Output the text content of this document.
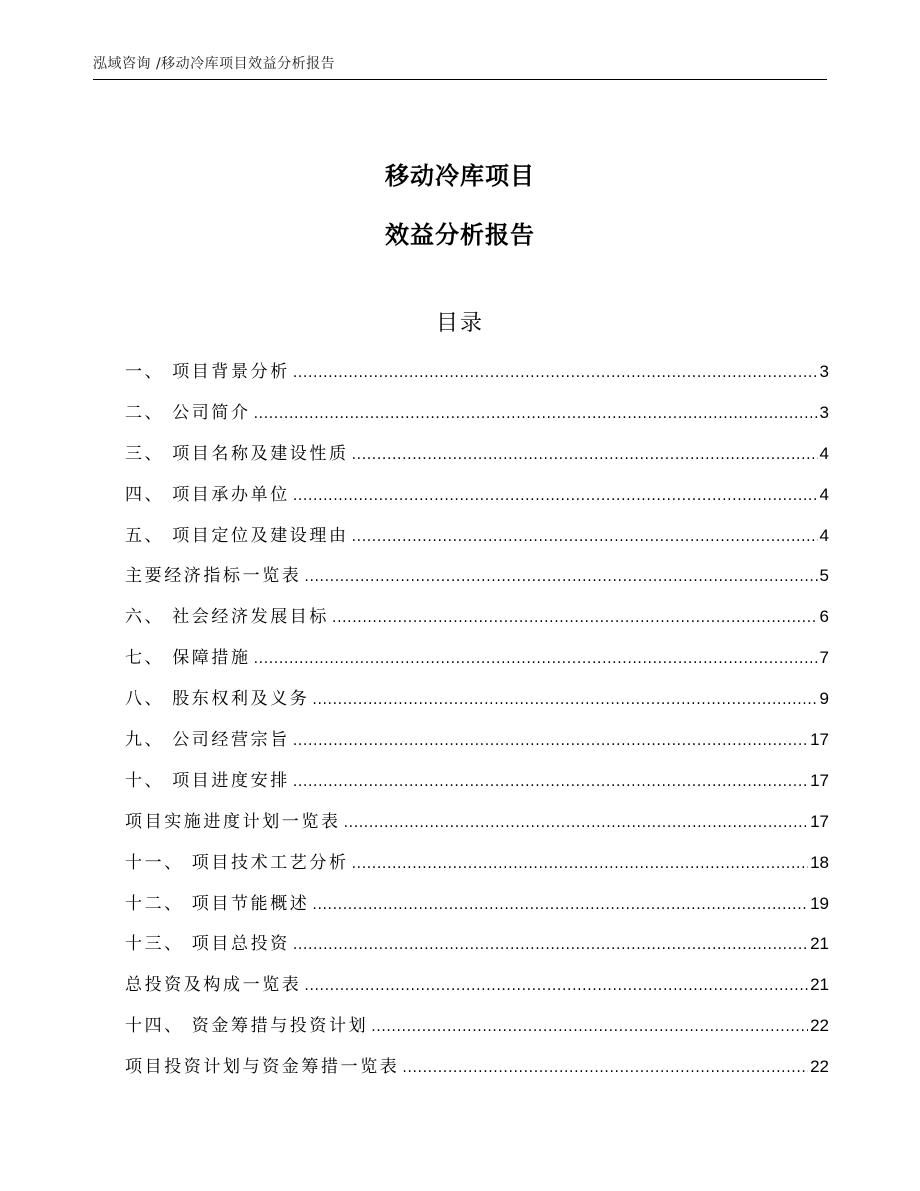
泓域咨询 /移动冷库项目效益分析报告
移动冷库项目
效益分析报告
目录
一、 项目背景分析 .....	3
二、 公司简介 .....	3
三、 项目名称及建设性质 .....	4
四、 项目承办单位 .....	4
五、 项目定位及建设理由 .....	4
主要经济指标一览表 .....	5
六、 社会经济发展目标 .....	6
七、 保障措施 .....	7
八、 股东权利及义务 .....	9
九、 公司经营宗旨 .....	17
十、 项目进度安排 .....	17
项目实施进度计划一览表 .....	17
十一、 项目技术工艺分析 .....	18
十二、 项目节能概述 .....	19
十三、 项目总投资 .....	21
总投资及构成一览表 .....	21
十四、 资金筹措与投资计划 .....	22
项目投资计划与资金筹措一览表 .....	22
